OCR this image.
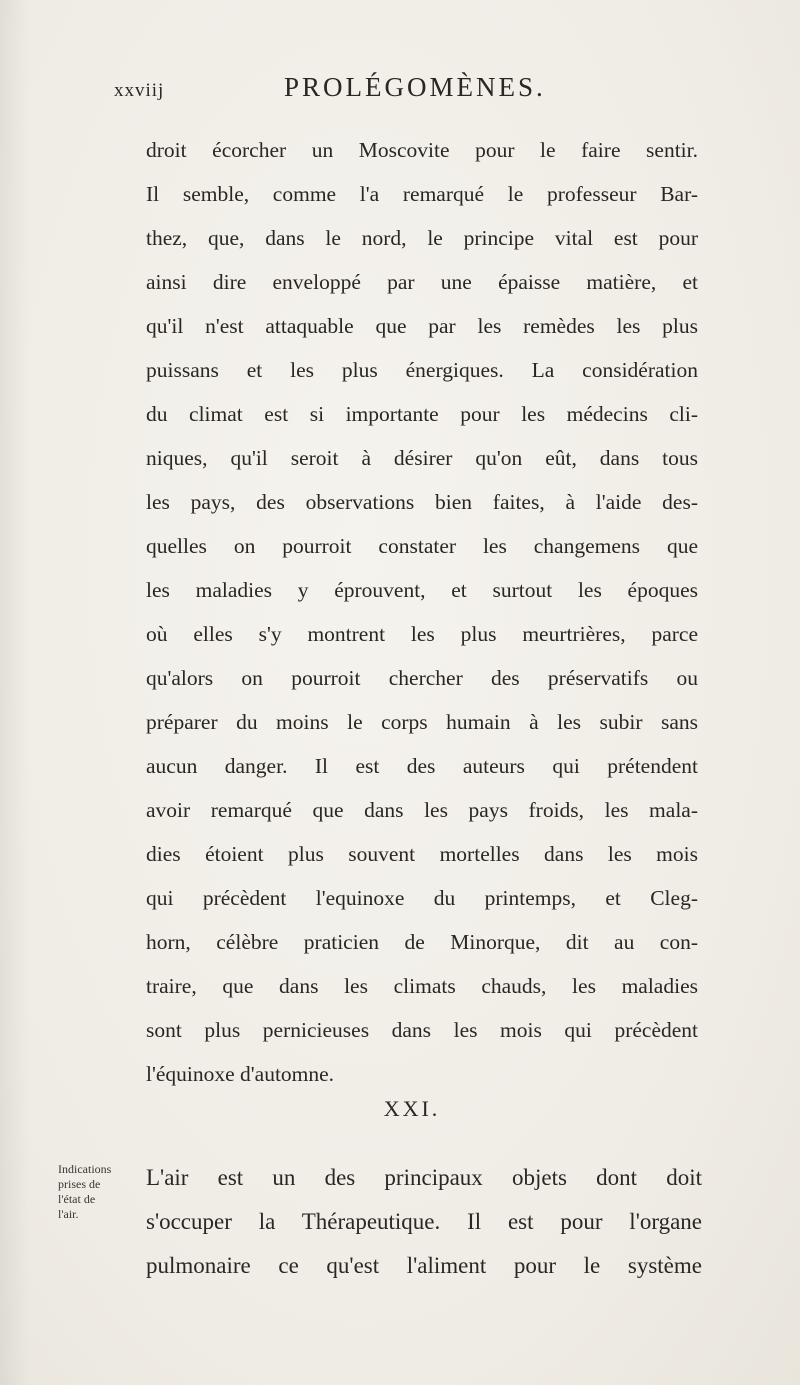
xxviij	PROLÉGOMÈNES.
droit écorcher un Moscovite pour le faire sentir.
Il semble, comme l'a remarqué le professeur Bar-
thez, que, dans le nord, le principe vital est pour
ainsi dire enveloppé par une épaisse matière, et
qu'il n'est attaquable que par les remèdes les plus
puissans et les plus énergiques. La considération
du climat est si importante pour les médecins cli-
niques, qu'il seroit à désirer qu'on eût, dans tous
les pays, des observations bien faites, à l'aide des-
quelles on pourroit constater les changemens que
les maladies y éprouvent, et surtout les époques
où elles s'y montrent les plus meurtrières, parce
qu'alors on pourroit chercher des préservatifs ou
préparer du moins le corps humain à les subir sans
aucun danger. Il est des auteurs qui prétendent
avoir remarqué que dans les pays froids, les mala-
dies étoient plus souvent mortelles dans les mois
qui précèdent l'equinoxe du printemps, et Cleg-
horn, célèbre praticien de Minorque, dit au con-
traire, que dans les climats chauds, les maladies
sont plus pernicieuses dans les mois qui précèdent
l'équinoxe d'automne.
XXI.
Indications
prises de
l'état de
l'air.
L'air est un des principaux objets dont doit
s'occuper la Thérapeutique. Il est pour l'organe
pulmonaire ce qu'est l'aliment pour le système
